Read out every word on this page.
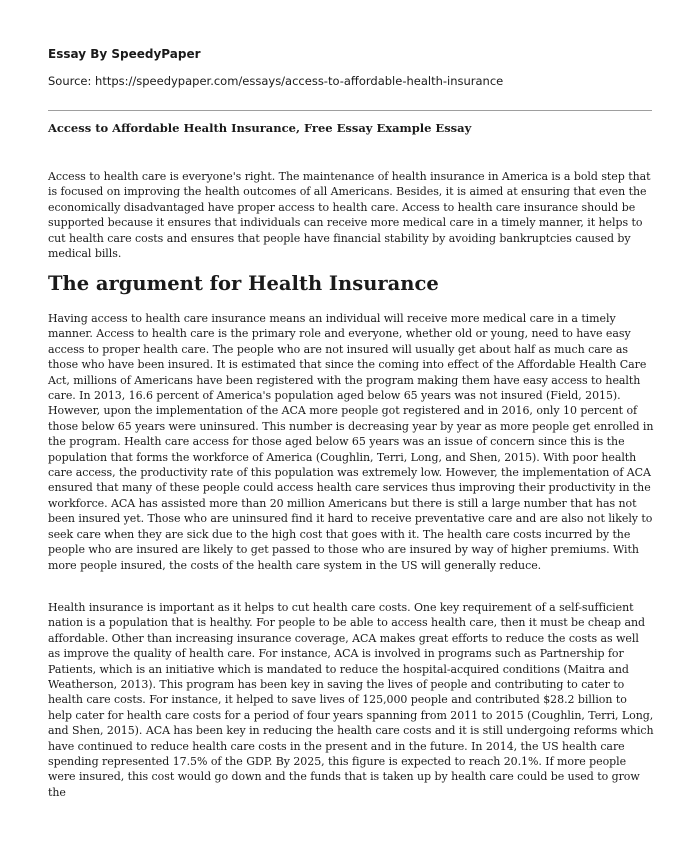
Essay By SpeedyPaper

Source: https://speedypaper.com/essays/access-to-affordable-health-insurance

Access to Affordable Health Insurance, Free Essay Example Essay

Access to health care is everyone's right. The maintenance of health insurance in America is a bold step that is focused on improving the health outcomes of all Americans. Besides, it is aimed at ensuring that even the economically disadvantaged have proper access to health care. Access to health care insurance should be supported because it ensures that individuals can receive more medical care in a timely manner, it helps to cut health care costs and ensures that people have financial stability by avoiding bankruptcies caused by medical bills.

The argument for Health Insurance

Having access to health care insurance means an individual will receive more medical care in a timely manner. Access to health care is the primary role and everyone, whether old or young, need to have easy access to proper health care. The people who are not insured will usually get about half as much care as those who have been insured. It is estimated that since the coming into effect of the Affordable Health Care Act, millions of Americans have been registered with the program making them have easy access to health care. In 2013, 16.6 percent of America's population aged below 65 years was not insured (Field, 2015). However, upon the implementation of the ACA more people got registered and in 2016, only 10 percent of those below 65 years were uninsured. This number is decreasing year by year as more people get enrolled in the program. Health care access for those aged below 65 years was an issue of concern since this is the population that forms the workforce of America (Coughlin, Terri, Long, and Shen, 2015). With poor health care access, the productivity rate of this population was extremely low. However, the implementation of ACA ensured that many of these people could access health care services thus improving their productivity in the workforce. ACA has assisted more than 20 million Americans but there is still a large number that has not been insured yet. Those who are uninsured find it hard to receive preventative care and are also not likely to seek care when they are sick due to the high cost that goes with it. The health care costs incurred by the people who are insured are likely to get passed to those who are insured by way of higher premiums. With more people insured, the costs of the health care system in the US will generally reduce.

Health insurance is important as it helps to cut health care costs. One key requirement of a self-sufficient nation is a population that is healthy. For people to be able to access health care, then it must be cheap and affordable. Other than increasing insurance coverage, ACA makes great efforts to reduce the costs as well as improve the quality of health care. For instance, ACA is involved in programs such as Partnership for Patients, which is an initiative which is mandated to reduce the hospital-acquired conditions (Maitra and Weatherson, 2013). This program has been key in saving the lives of people and contributing to cater to health care costs. For instance, it helped to save lives of 125,000 people and contributed $28.2 billion to help cater for health care costs for a period of four years spanning from 2011 to 2015 (Coughlin, Terri, Long, and Shen, 2015). ACA has been key in reducing the health care costs and it is still undergoing reforms which have continued to reduce health care costs in the present and in the future. In 2014, the US health care spending represented 17.5% of the GDP. By 2025, this figure is expected to reach 20.1%. If more people were insured, this cost would go down and the funds that is taken up by health care could be used to grow the
